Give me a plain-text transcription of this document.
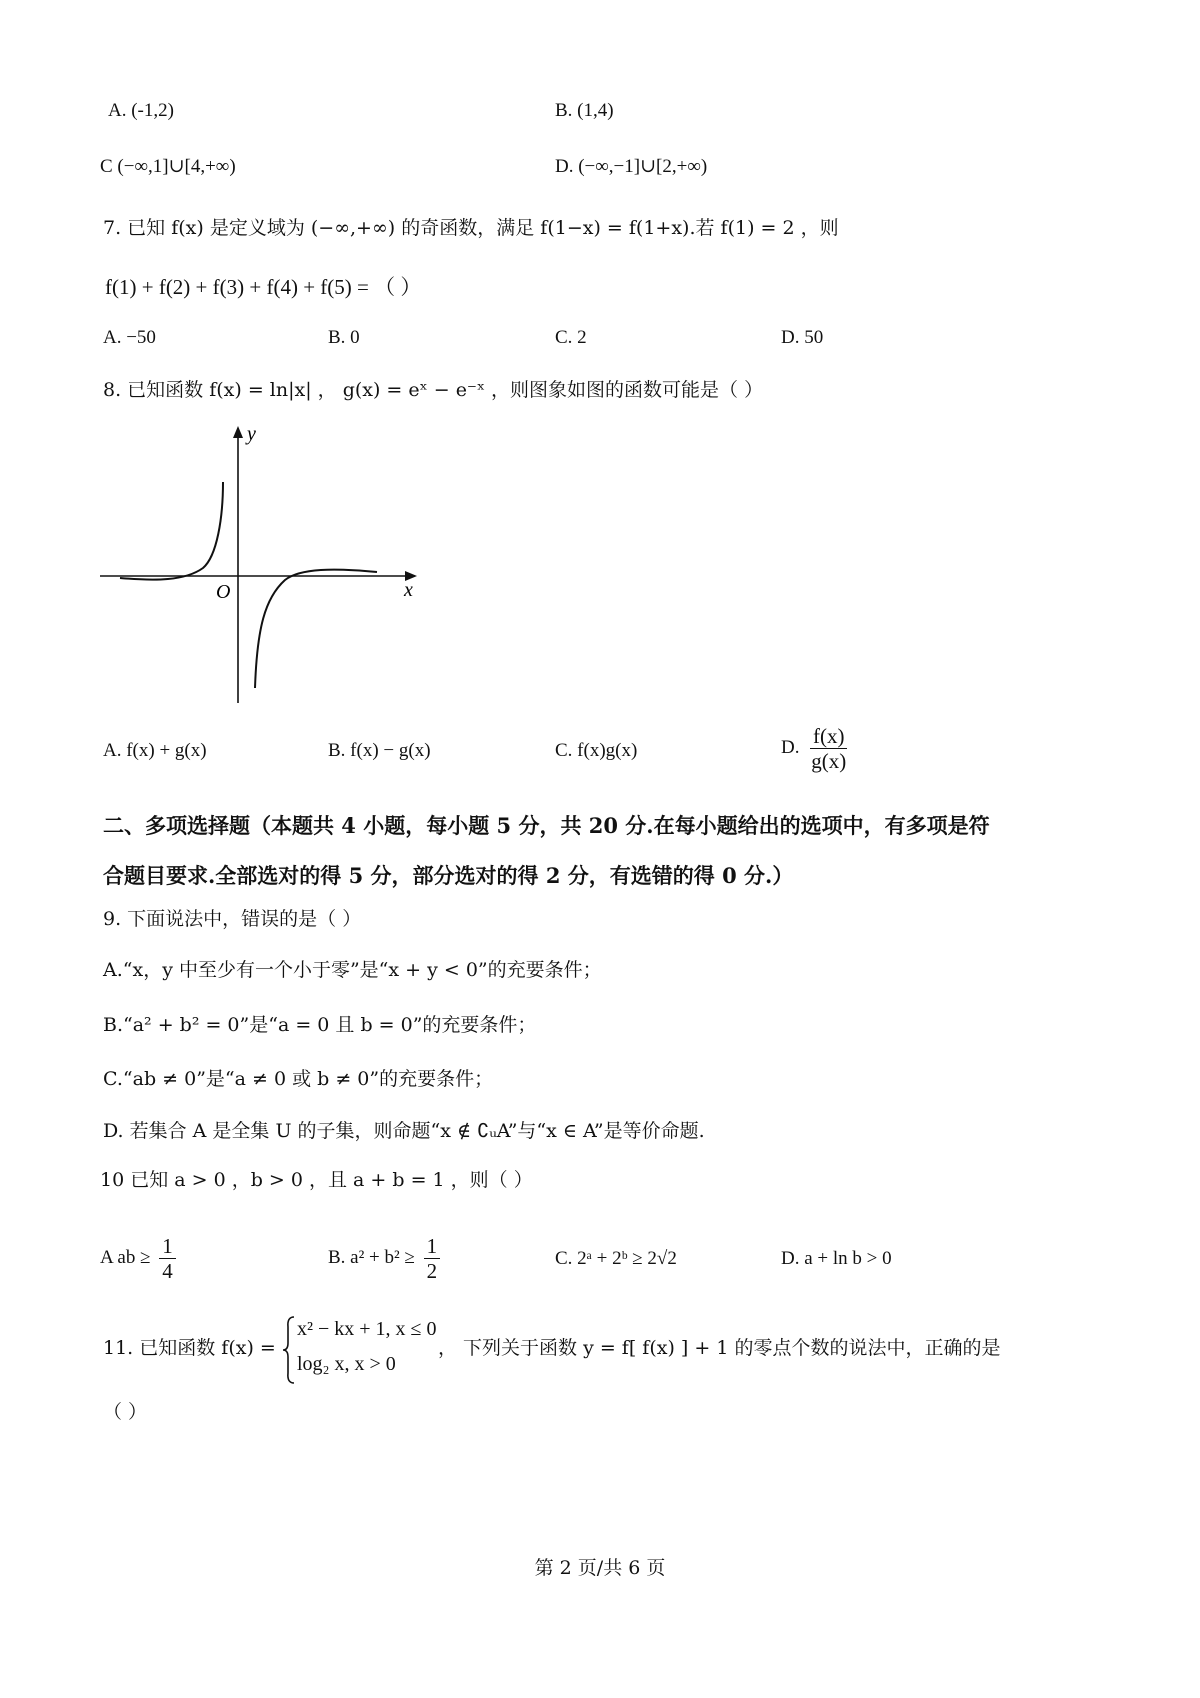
A. (-1,2)	B. (1,4)
C (−∞,1]∪[4,+∞)	D. (−∞,−1]∪[2,+∞)
7. 已知 f(x) 是定义域为 (−∞,+∞) 的奇函数，满足 f(1−x) = f(1+x).若 f(1) = 2 ，则
f(1) + f(2) + f(3) + f(4) + f(5) = （ ）
A. −50	B. 0	C. 2	D. 50
8. 已知函数 f(x) = ln|x| ， g(x) = eˣ − e⁻ˣ ，则图象如图的函数可能是（ ）
y
x
O
A. f(x) + g(x)	B. f(x) − g(x)	C. f(x)g(x)	D. $\frac{f(x)}{g(x)}$
二、多项选择题（本题共 4 小题，每小题 5 分，共 20 分.在每小题给出的选项中，有多项是符
合题目要求.全部选对的得 5 分，部分选对的得 2 分，有选错的得 0 分.）
9. 下面说法中，错误的是（ ）
A.“x，y 中至少有一个小于零”是“x + y < 0”的充要条件；
B.“a² + b² = 0”是“a = 0 且 b = 0”的充要条件；
C.“ab ≠ 0”是“a ≠ 0 或 b ≠ 0”的充要条件；
D. 若集合 A 是全集 U 的子集，则命题“x ∉ ∁ᵤA”与“x ∈ A”是等价命题.
10 已知 a > 0 ，b > 0 ，且 a + b = 1 ，则（ ）
A ab ≥ $\frac{1}{4}$	B. $a^2 + b^2 \ge \frac{1}{2}$	C. 2ᵃ + 2ᵇ ≥ 2√2	D. a + ln b > 0
11. 已知函数 f(x) =
x² − kx + 1, x ≤ 0
log₂ x, x > 0
， 下列关于函数 y = f[ f(x) ] + 1 的零点个数的说法中，正确的是
（ ）
第 2 页/共 6 页
